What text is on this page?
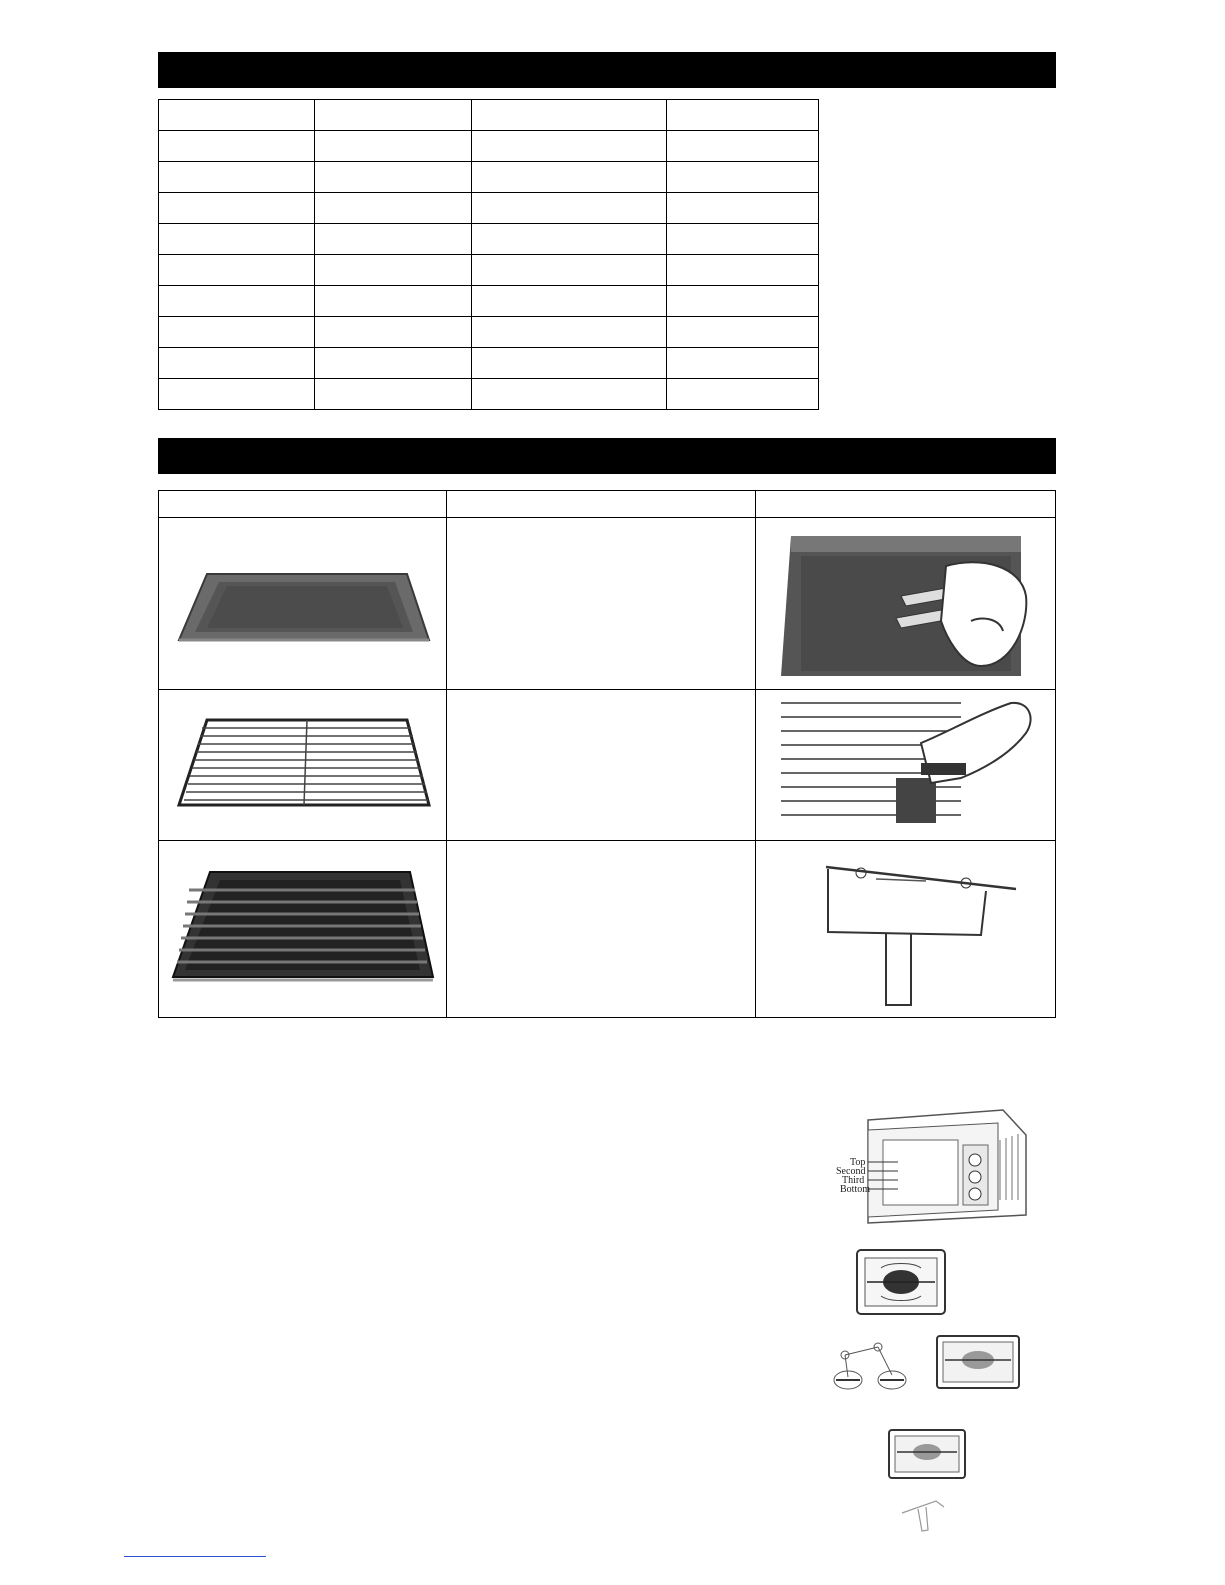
Top
Second
Third
Bottom
